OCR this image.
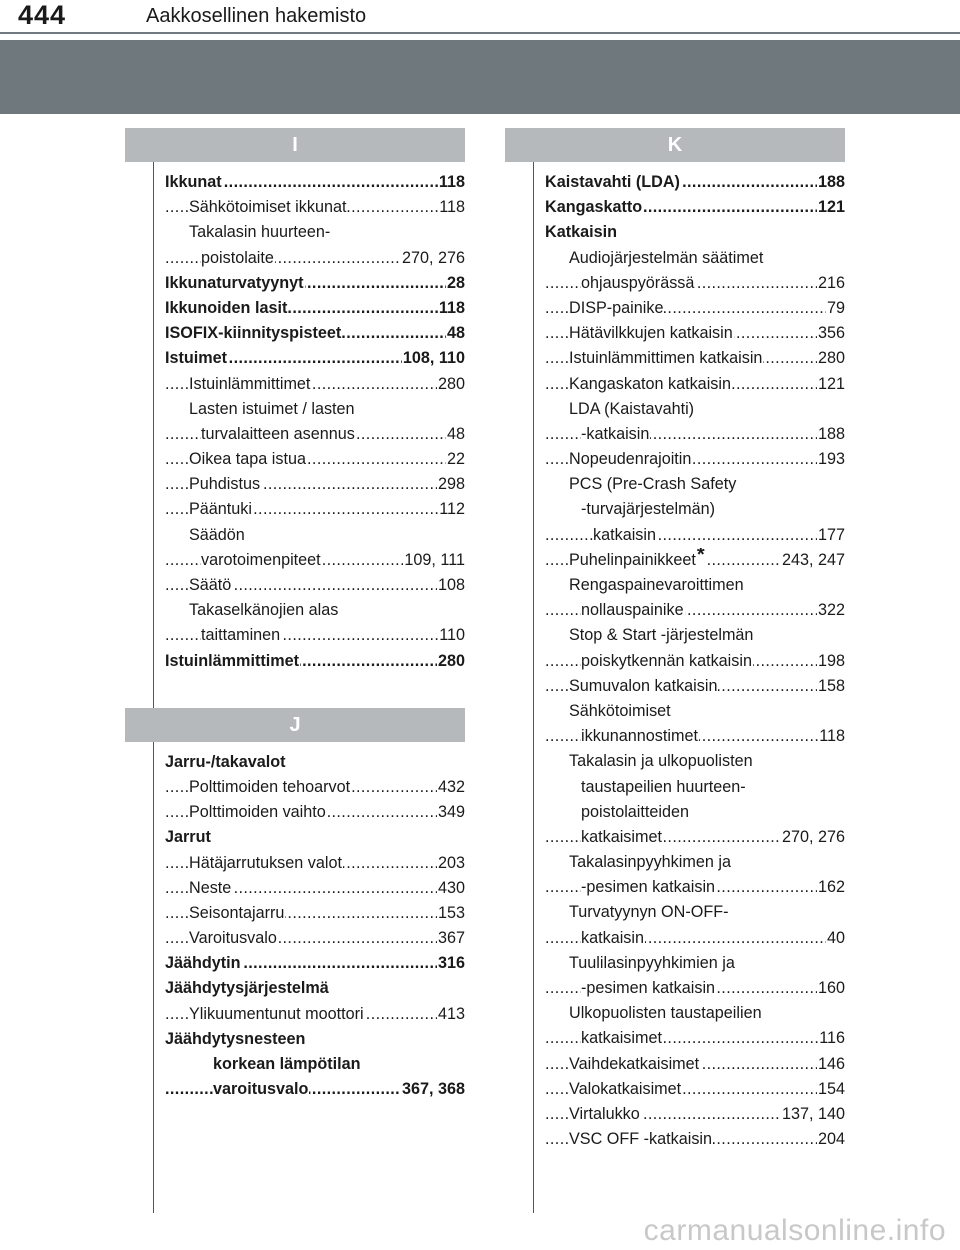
444	Aakkosellinen hakemisto
I
Ikkunat	118
.....
Sähkötoimiset ikkunat	118
.....
Takalasin huurteen-
poistolaite	270, 276
.....
Ikkunaturvatyynyt	28
.....
Ikkunoiden lasit	118
.....
ISOFIX-kiinnityspisteet	48
.....
Istuimet	108, 110
.....
Istuinlämmittimet	280
.....
Lasten istuimet / lasten
turvalaitteen asennus	48
.....
Oikea tapa istua	22
.....
Puhdistus	298
.....
Pääntuki	112
.....
Säädön
varotoimenpiteet	109, 111
.....
Säätö	108
.....
Takaselkänojien alas
taittaminen	110
.....
Istuinlämmittimet	280
.....
J
Jarru-/takavalot
Polttimoiden tehoarvot	432
.....
Polttimoiden vaihto	349
.....
Jarrut
Hätäjarrutuksen valot	203
.....
Neste	430
.....
Seisontajarru	153
.....
Varoitusvalo	367
.....
Jäähdytin	316
.....
Jäähdytysjärjestelmä
Ylikuumentunut moottori	413
.....
Jäähdytysnesteen
korkean lämpötilan
varoitusvalo	367, 368
.....
K
Kaistavahti (LDA)	188
.....
Kangaskatto	121
.....
Katkaisin
Audiojärjestelmän säätimet
ohjauspyörässä	216
.....
DISP-painike	79
.....
Hätävilkkujen katkaisin	356
.....
Istuinlämmittimen katkaisin	280
.....
Kangaskaton katkaisin	121
.....
LDA (Kaistavahti)
-katkaisin	188
.....
Nopeudenrajoitin	193
.....
PCS (Pre-Crash Safety
-turvajärjestelmän)
katkaisin	177
.....
Puhelinpainikkeet*	243, 247
.....
Rengaspainevaroittimen
nollauspainike	322
.....
Stop & Start -järjestelmän
poiskytkennän katkaisin	198
.....
Sumuvalon katkaisin	158
.....
Sähkötoimiset
ikkunannostimet	118
.....
Takalasin ja ulkopuolisten
taustapeilien huurteen-
poistolaitteiden
katkaisimet	270, 276
.....
Takalasinpyyhkimen ja
-pesimen katkaisin	162
.....
Turvatyynyn ON-OFF-
katkaisin	40
.....
Tuulilasinpyyhkimien ja
-pesimen katkaisin	160
.....
Ulkopuolisten taustapeilien
katkaisimet	116
.....
Vaihdekatkaisimet	146
.....
Valokatkaisimet	154
.....
Virtalukko	137, 140
.....
VSC OFF -katkaisin	204
.....
carmanualsonline.info
